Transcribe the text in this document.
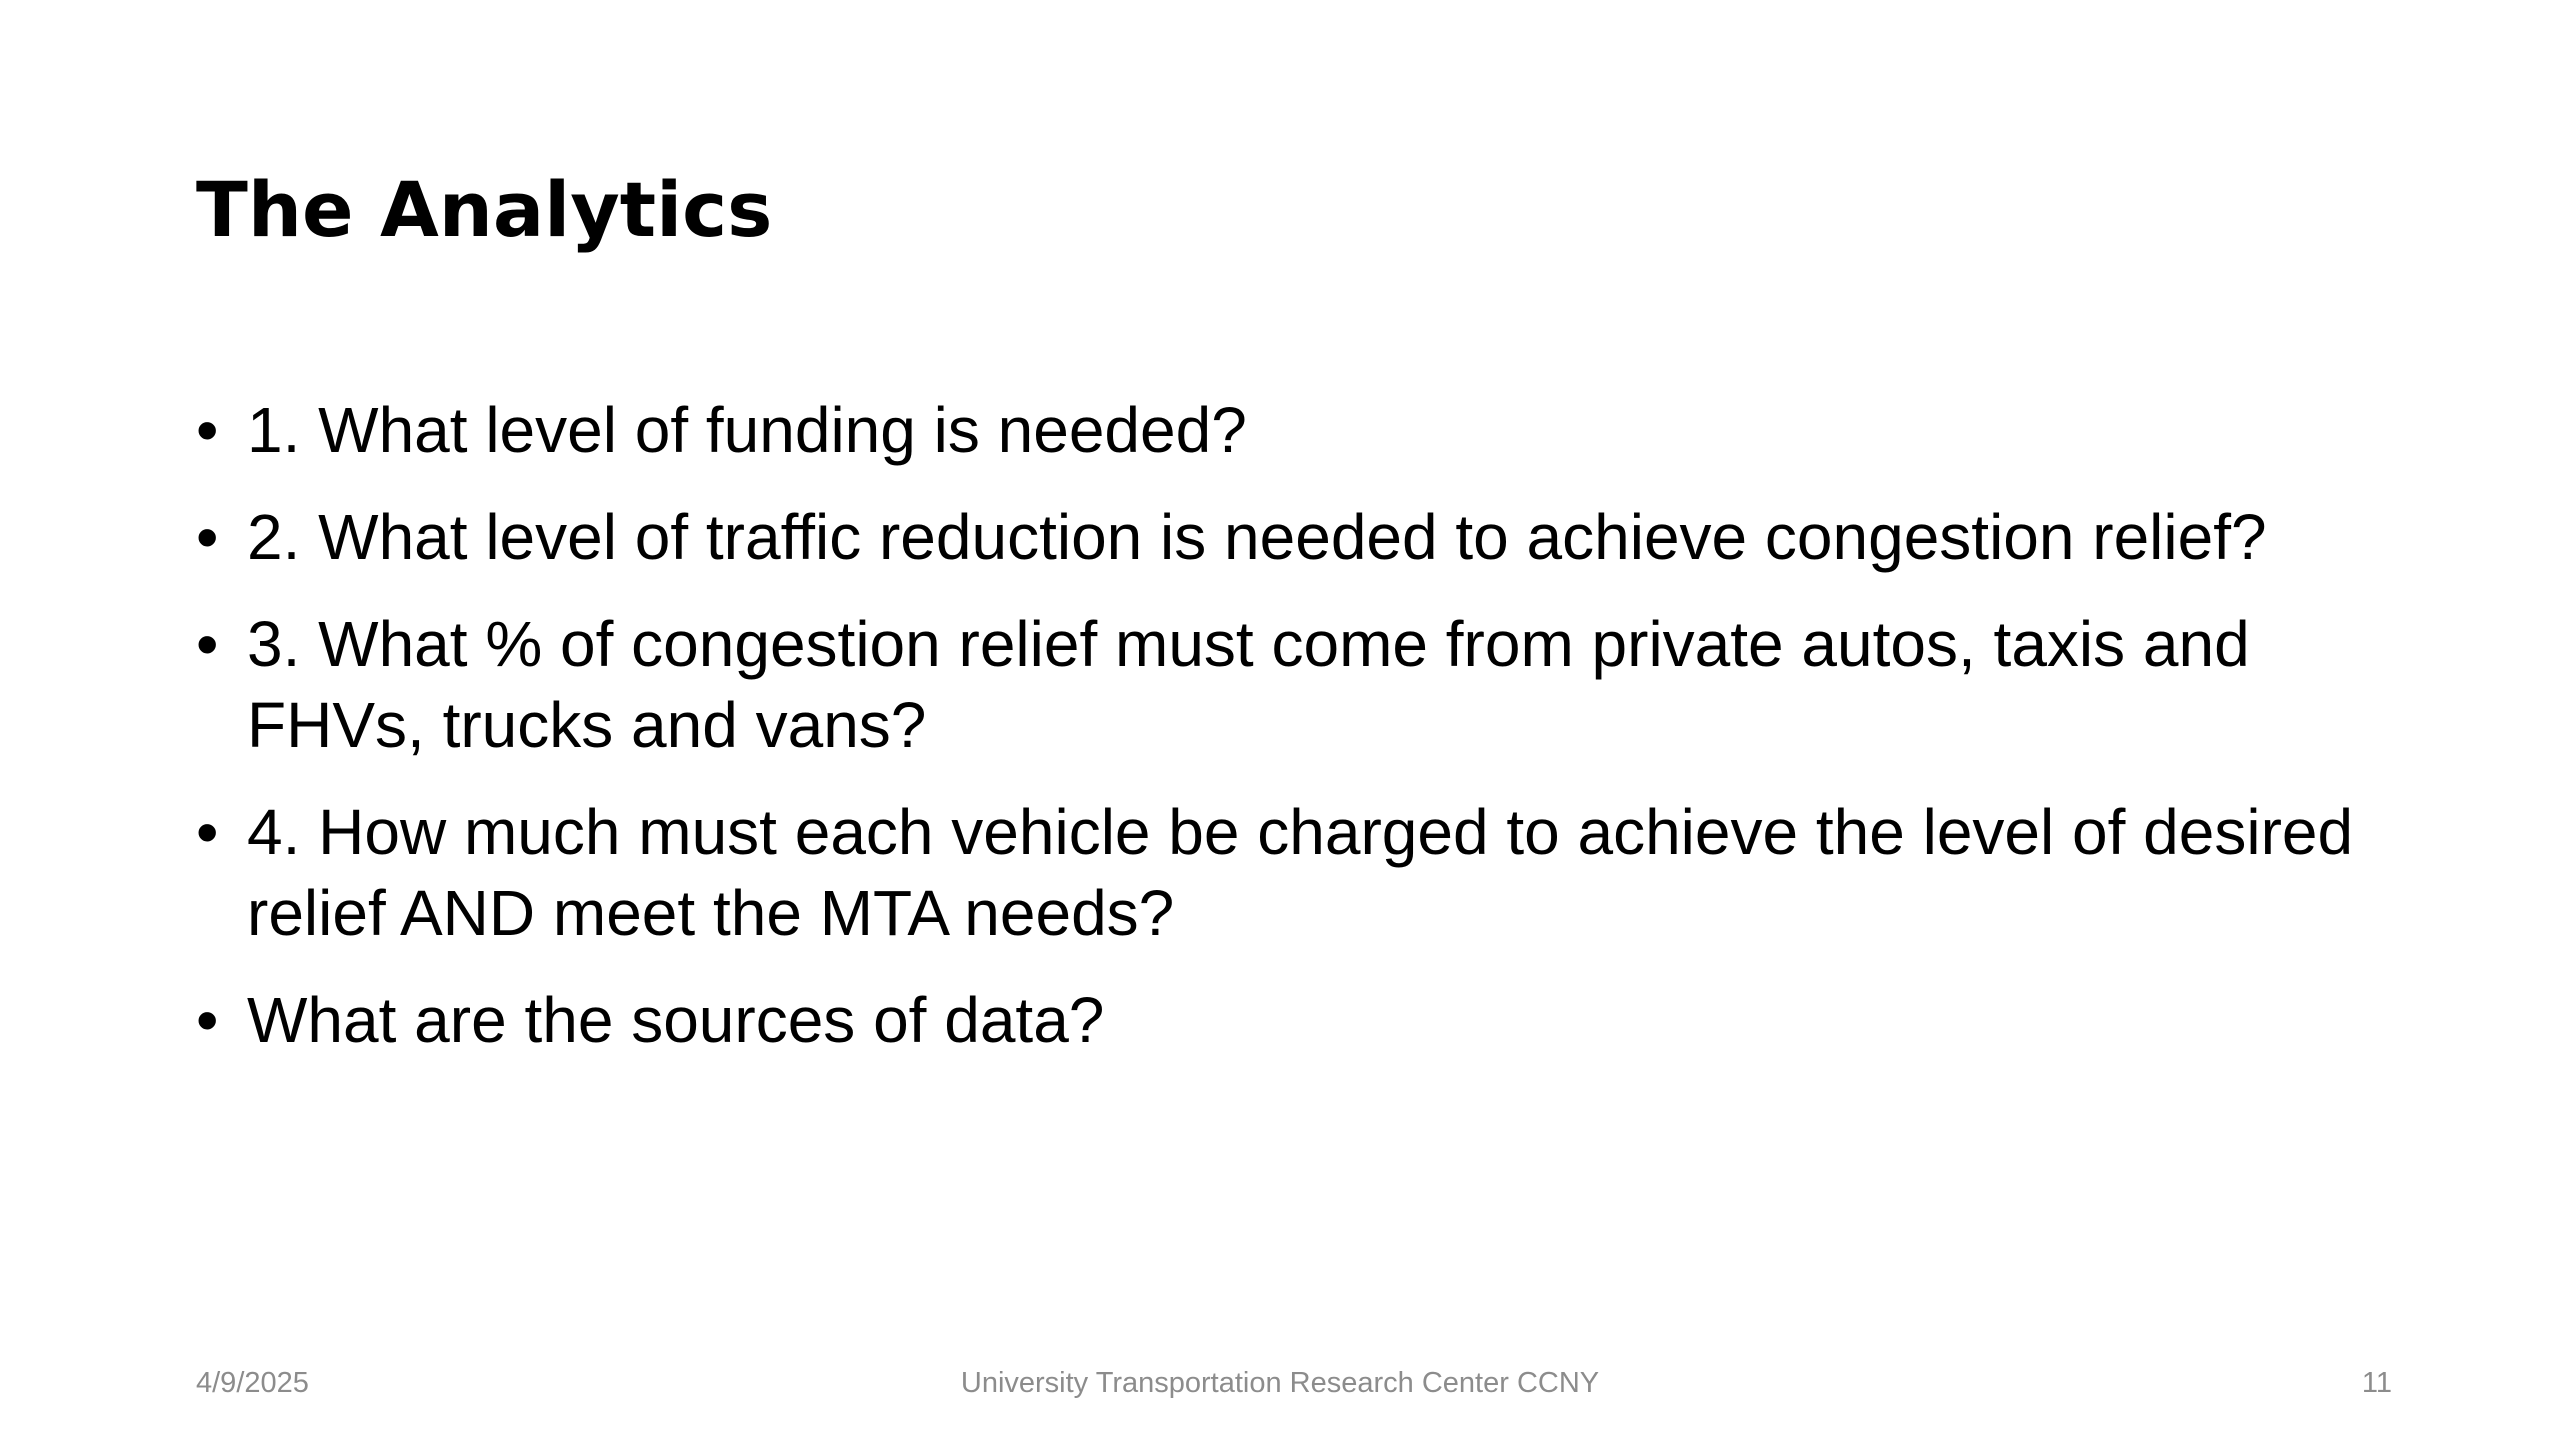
The Analytics
• 1. What level of funding is needed?
• 2. What level of traffic reduction is needed to achieve congestion relief?
• 3. What % of congestion relief must come from private autos, taxis and FHVs, trucks and vans?
• 4. How much must each vehicle be charged to achieve the level of desired relief AND meet the MTA needs?
• What are the sources of data?
4/9/2025	University Transportation Research Center CCNY	11
